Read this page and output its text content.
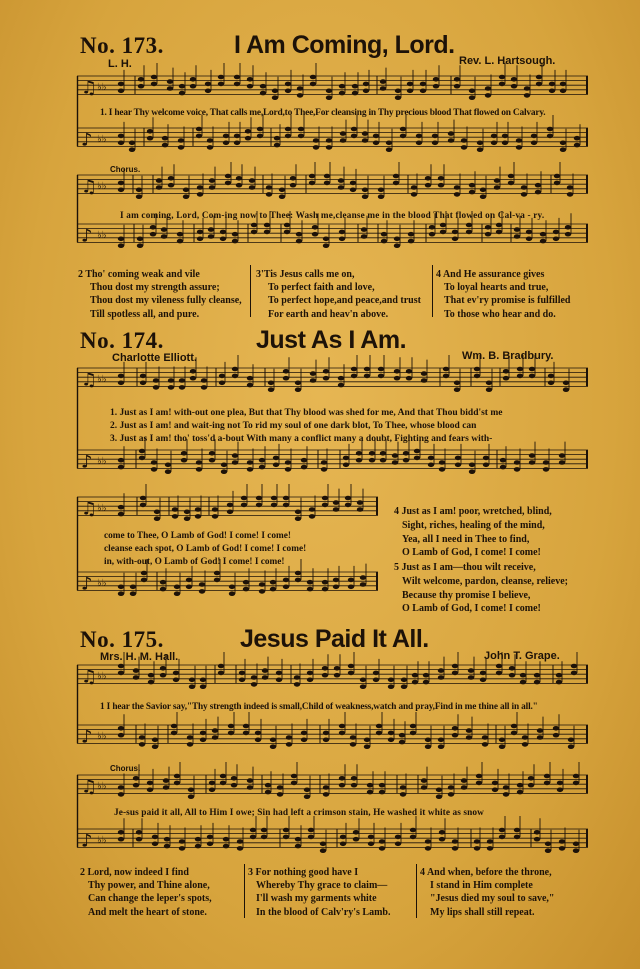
No. 173.	I Am Coming, Lord.
L. H.	Rev. L. Hartsough.
♫ ♭♭
♪ ♭♭
1. I hear Thy welcome voice, That calls me,Lord,to Thee,For cleansing in Thy precious blood That flowed on Calvary.
♫ ♭♭
♪ ♭♭
Chorus.
I am coming, Lord, Com-ing now to Thee: Wash me,cleanse me in the blood That flowed on Cal-va - ry.
2 Tho' coming weak and vile
Thou dost my strength assure;
Thou dost my vileness fully cleanse,
Till spotless all, and pure.
3'Tis Jesus calls me on,
To perfect faith and love,
To perfect hope,and peace,and trust
For earth and heav'n above.
4 And He assurance gives
To loyal hearts and true,
That ev'ry promise is fulfilled
To those who hear and do.
No. 174.	Just As I Am.
Charlotte Elliott.	Wm. B. Bradbury.
♫ ♭♭
♪ ♭♭
1. Just as I am! with-out one plea, But that Thy blood was shed for me, And that Thou bidd'st me
2. Just as I am! and wait-ing not To rid my soul of one dark blot, To Thee, whose blood can
3. Just as I am! tho' toss'd a-bout With many a conflict many a doubt, Fighting and fears with-
♫ ♭♭
♪ ♭♭
come to Thee, O Lamb of God! I come! I come!
cleanse each spot, O Lamb of God! I come! I come!
in, with-out, O Lamb of God! I come! I come!
4 Just as I am! poor, wretched, blind,
Sight, riches, healing of the mind,
Yea, all I need in Thee to find,
O Lamb of God, I come! I come!
5 Just as I am—thou wilt receive,
Wilt welcome, pardon, cleanse, relieve;
Because thy promise I believe,
O Lamb of God, I come! I come!
No. 175.	Jesus Paid It All.
Mrs. H. M. Hall.	John T. Grape.
♫ ♭♭
♪ ♭♭
1 I hear the Savior say,"Thy strength indeed is small,Child of weakness,watch and pray,Find in me thine all in all."
♫ ♭♭
♪ ♭♭
Chorus.
Je-sus paid it all, All to Him I owe; Sin had left a crimson stain, He washed it white as snow
2 Lord, now indeed I find
Thy power, and Thine alone,
Can change the leper's spots,
And melt the heart of stone.
3 For nothing good have I
Whereby Thy grace to claim—
I'll wash my garments white
In the blood of Calv'ry's Lamb.
4 And when, before the throne,
I stand in Him complete
"Jesus died my soul to save,"
My lips shall still repeat.
